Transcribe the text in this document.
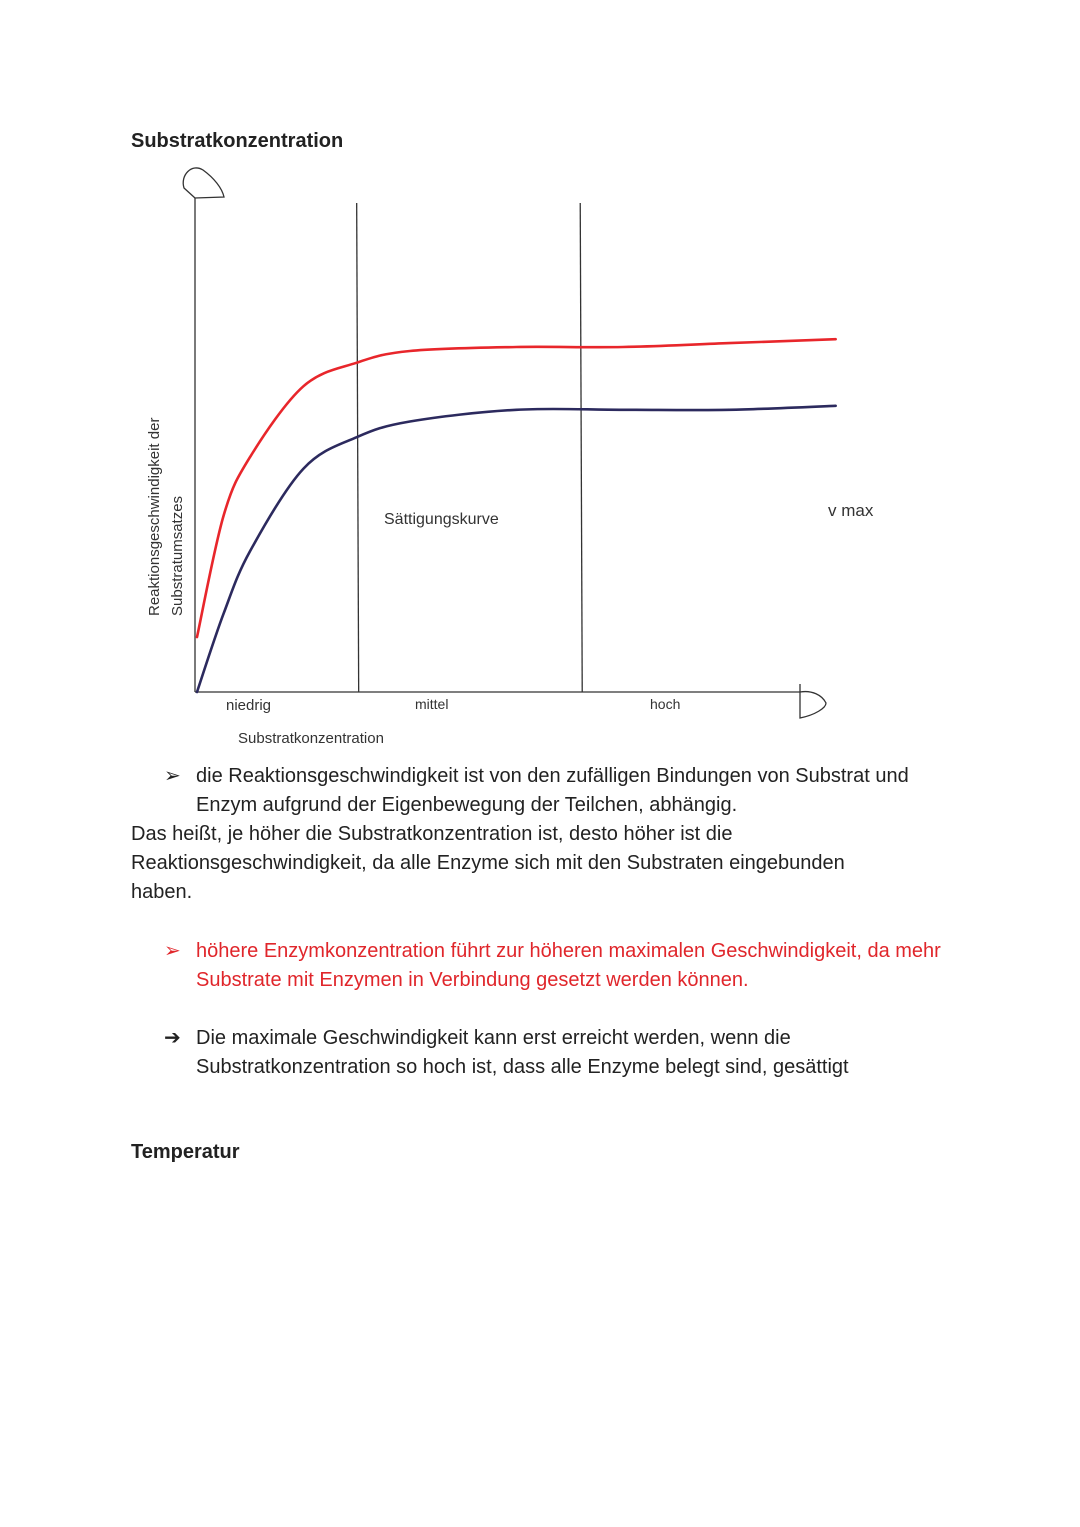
Substratkonzentration
Reaktionsgeschwindigkeit der Substratumsatzes
niedrig	mittel	hoch
Substratkonzentration
Sättigungskurve	v max
➢ die Reaktionsgeschwindigkeit ist von den zufälligen Bindungen von Substrat und Enzym aufgrund der Eigenbewegung der Teilchen, abhängig.

Das heißt, je höher die Substratkonzentration ist, desto höher ist die

Reaktionsgeschwindigkeit, da alle Enzyme sich mit den Substraten eingebunden

haben.

➢ höhere Enzymkonzentration führt zur höheren maximalen Geschwindigkeit, da mehr Substrate mit Enzymen in Verbindung gesetzt werden können.
➔ Die maximale Geschwindigkeit kann erst erreicht werden, wenn die Substratkonzentration so hoch ist, dass alle Enzyme belegt sind, gesättigt
Temperatur
